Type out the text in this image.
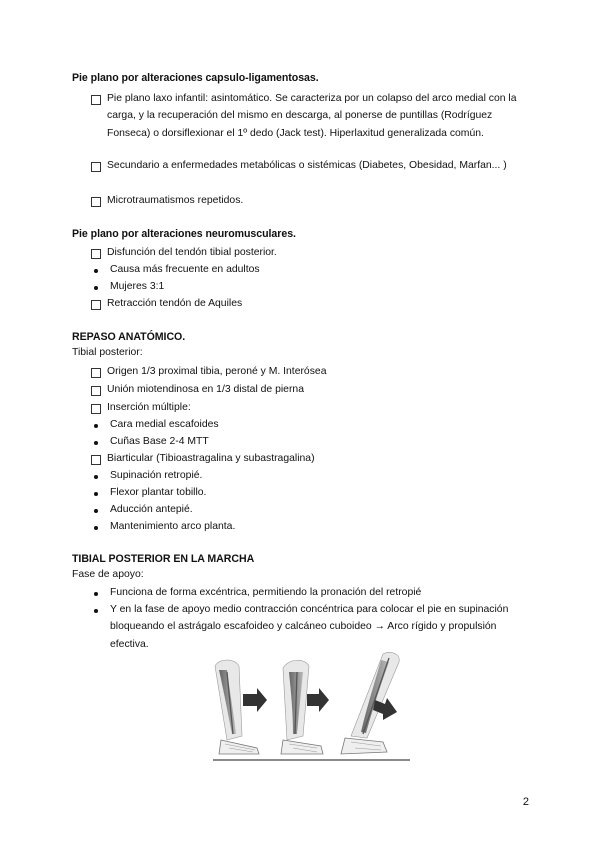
Pie plano por alteraciones capsulo-ligamentosas.
Pie plano laxo infantil: asintomático. Se caracteriza por un colapso del arco medial con la carga, y la recuperación del mismo en descarga, al ponerse de puntillas (Rodríguez Fonseca) o dorsiflexionar el 1º dedo (Jack test). Hiperlaxitud generalizada común.
Secundario a enfermedades metabólicas o sistémicas (Diabetes, Obesidad, Marfan... )
Microtraumatismos repetidos.
Pie plano por alteraciones neuromusculares.
Disfunción del tendón tibial posterior.
Causa más frecuente en adultos
Mujeres 3:1
Retracción tendón de Aquiles
REPASO ANATÓMICO.
Tibial posterior:
Origen 1/3 proximal tibia, peroné y M. Interósea
Unión miotendinosa en 1/3 distal de pierna
Inserción múltiple:
Cara medial escafoides
Cuñas Base 2-4 MTT
Biarticular (Tibioastragalina y subastragalina)
Supinación retropié.
Flexor plantar tobillo.
Aducción antepié.
Mantenimiento arco planta.
TIBIAL POSTERIOR EN LA MARCHA
Fase de apoyo:
Funciona de forma excéntrica, permitiendo la pronación del retropié
Y en la fase de apoyo medio contracción concéntrica para colocar el pie en supinación bloqueando el astrágalo escafoideo y calcáneo cuboideo → Arco rígido y propulsión efectiva.
2
